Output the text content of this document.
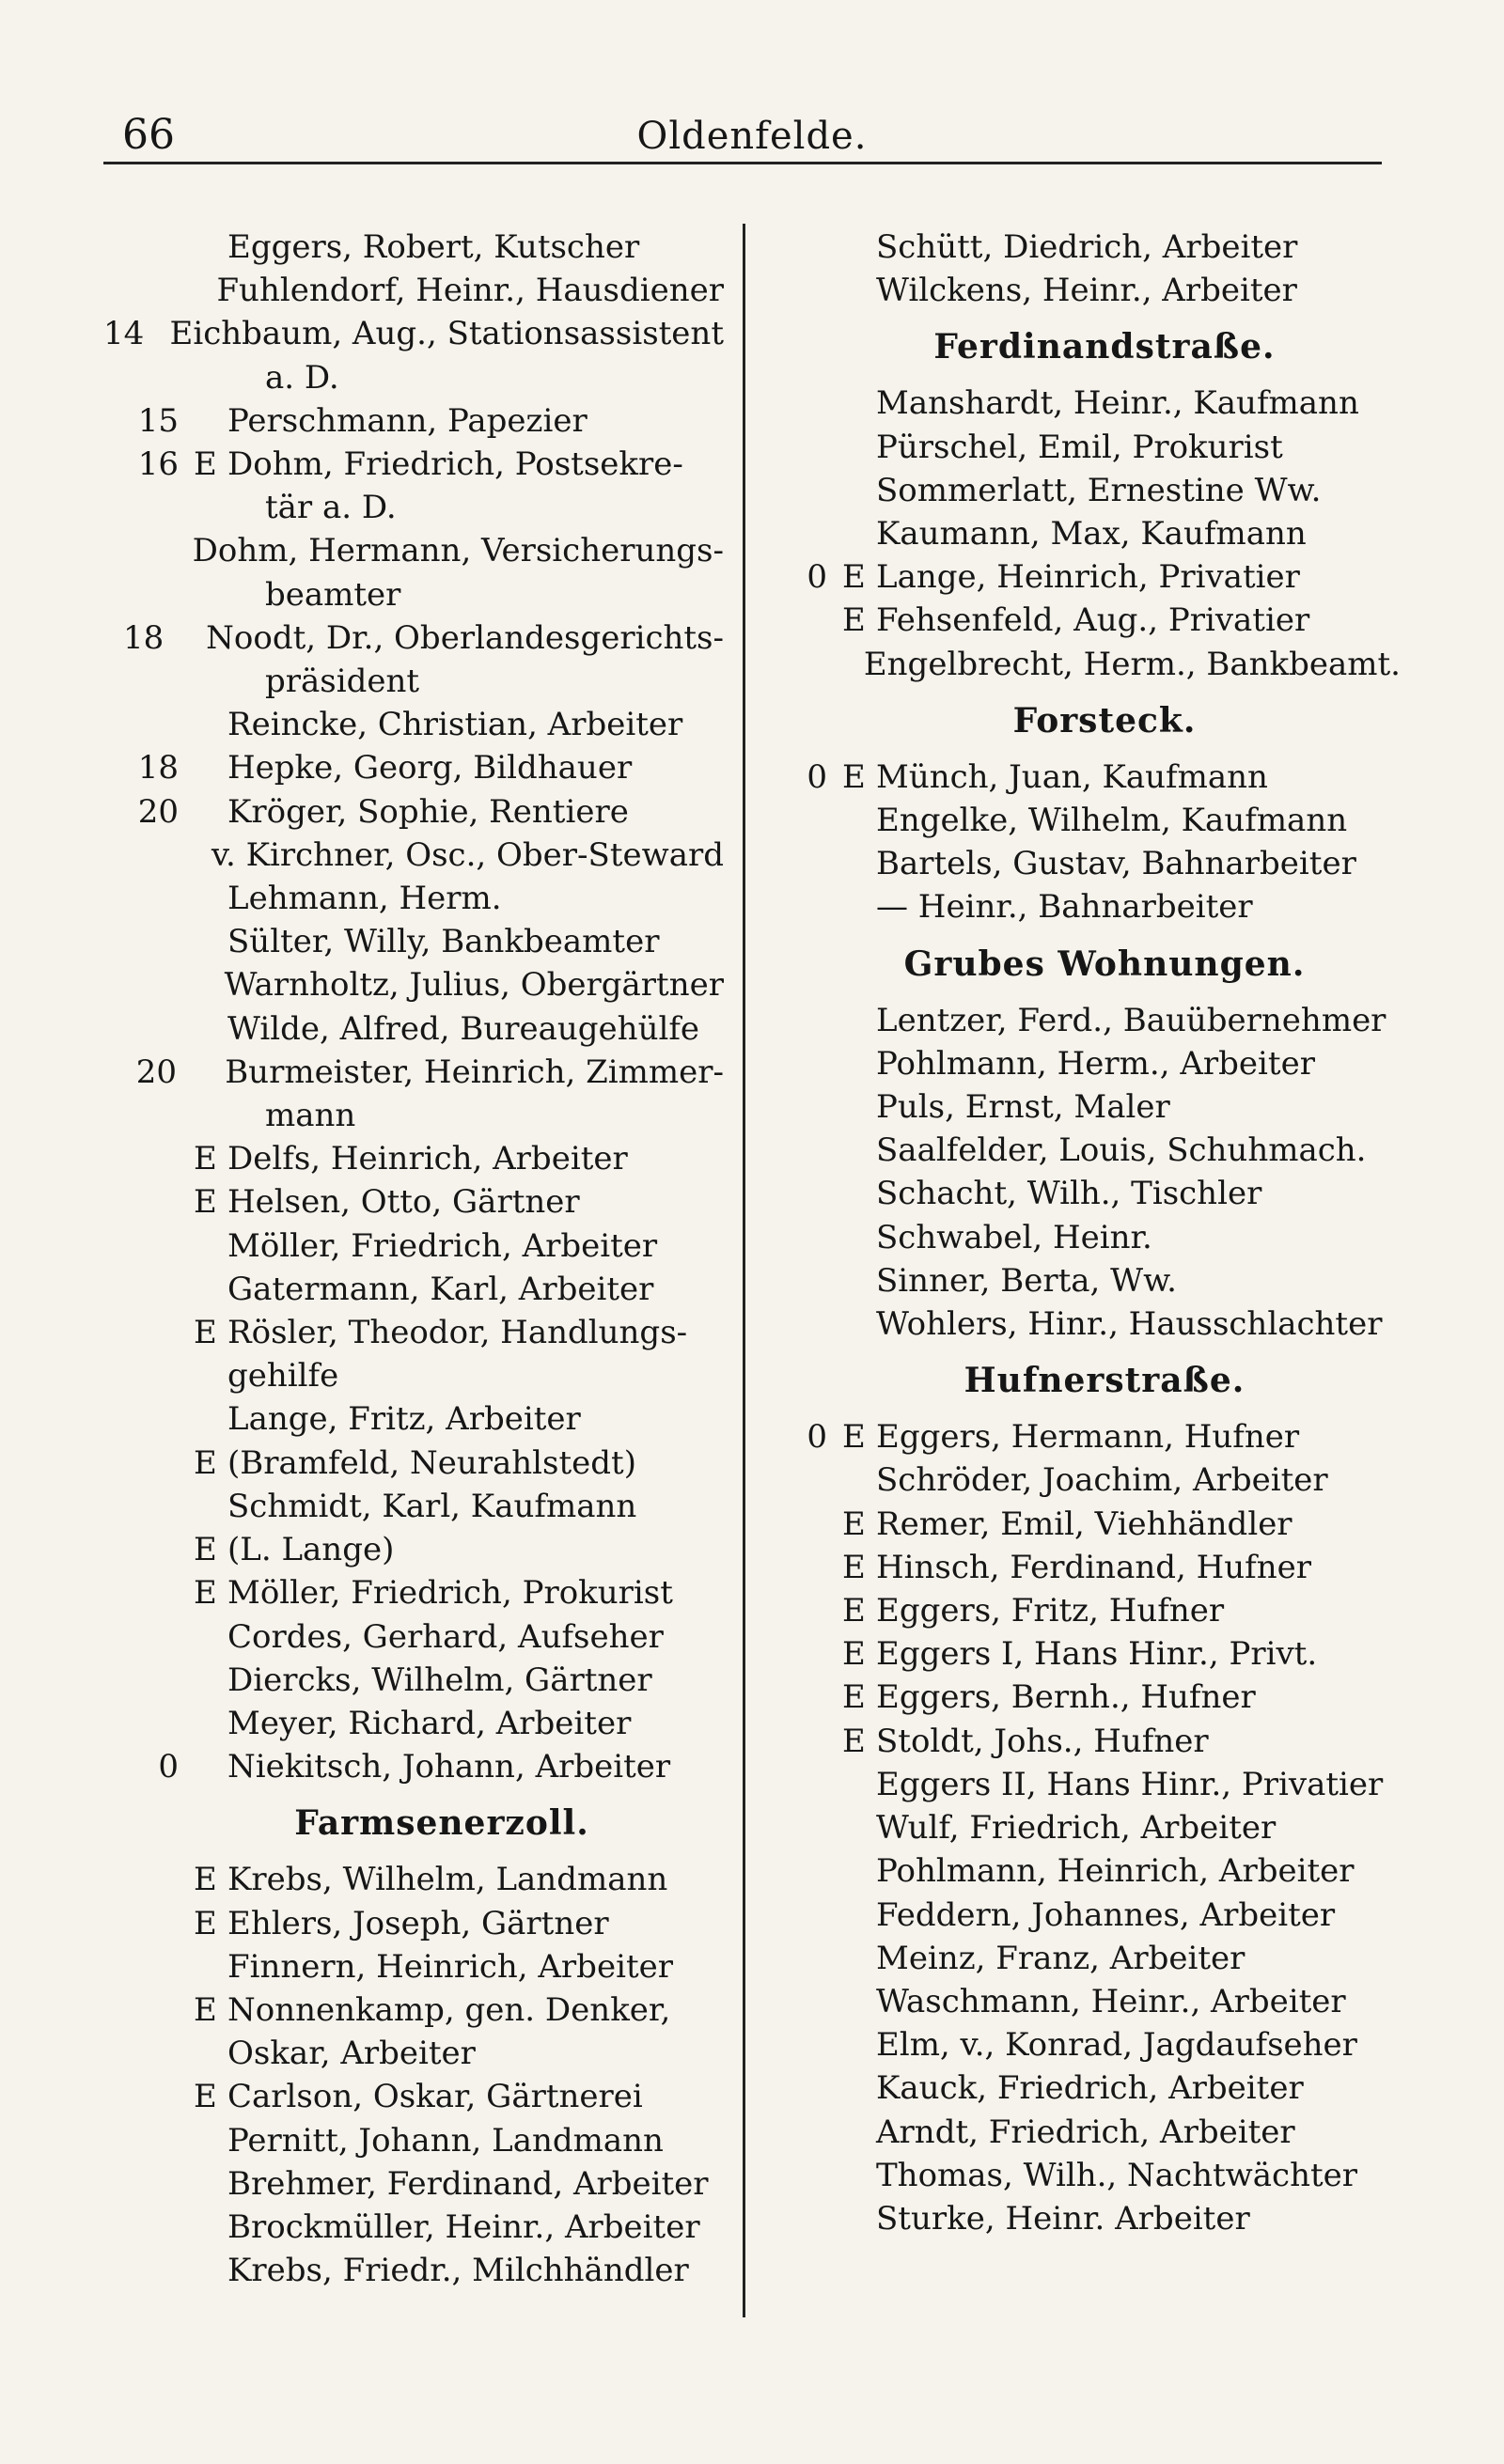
66	Oldenfelde.
Eggers, Robert, Kutscher
Fuhlendorf, Heinr., Hausdiener
14 Eichbaum, Aug., Stationsassistent
a. D.
15	Perschmann, Papezier
16 E Dohm, Friedrich, Postsekre-
tär a. D.
Dohm, Hermann, Versicherungs-
beamter
18	Noodt, Dr., Oberlandesgerichts-
präsident
Reincke, Christian, Arbeiter
18	Hepke, Georg, Bildhauer
20	Kröger, Sophie, Rentiere
v. Kirchner, Osc., Ober-Steward
Lehmann, Herm.
Sülter, Willy, Bankbeamter
Warnholtz, Julius, Obergärtner
Wilde, Alfred, Bureaugehülfe
20	Burmeister, Heinrich, Zimmer-
mann
E Delfs, Heinrich, Arbeiter
E Helsen, Otto, Gärtner
Möller, Friedrich, Arbeiter
Gatermann, Karl, Arbeiter
E Rösler, Theodor, Handlungs-
gehilfe
Lange, Fritz, Arbeiter
E (Bramfeld, Neurahlstedt)
Schmidt, Karl, Kaufmann
E (L. Lange)
E Möller, Friedrich, Prokurist
Cordes, Gerhard, Aufseher
Diercks, Wilhelm, Gärtner
Meyer, Richard, Arbeiter
0	Niekitsch, Johann, Arbeiter
Farmsenerzoll.
E Krebs, Wilhelm, Landmann
E Ehlers, Joseph, Gärtner
Finnern, Heinrich, Arbeiter
E Nonnenkamp, gen. Denker,
Oskar, Arbeiter
E Carlson, Oskar, Gärtnerei
Pernitt, Johann, Landmann
Brehmer, Ferdinand, Arbeiter
Brockmüller, Heinr., Arbeiter
Krebs, Friedr., Milchhändler
Schütt, Diedrich, Arbeiter
Wilckens, Heinr., Arbeiter
Ferdinandstraße.
Manshardt, Heinr., Kaufmann
Pürschel, Emil, Prokurist
Sommerlatt, Ernestine Ww.
Kaumann, Max, Kaufmann
0 E Lange, Heinrich, Privatier
E Fehsenfeld, Aug., Privatier
Engelbrecht, Herm., Bankbeamt.
Forsteck.
0 E Münch, Juan, Kaufmann
Engelke, Wilhelm, Kaufmann
Bartels, Gustav, Bahnarbeiter
— Heinr., Bahnarbeiter
Grubes Wohnungen.
Lentzer, Ferd., Bauübernehmer
Pohlmann, Herm., Arbeiter
Puls, Ernst, Maler
Saalfelder, Louis, Schuhmach.
Schacht, Wilh., Tischler
Schwabel, Heinr.
Sinner, Berta, Ww.
Wohlers, Hinr., Hausschlachter
Hufnerstraße.
0 E Eggers, Hermann, Hufner
Schröder, Joachim, Arbeiter
E Remer, Emil, Viehhändler
E Hinsch, Ferdinand, Hufner
E Eggers, Fritz, Hufner
E Eggers I, Hans Hinr., Privt.
E Eggers, Bernh., Hufner
E Stoldt, Johs., Hufner
Eggers II, Hans Hinr., Privatier
Wulf, Friedrich, Arbeiter
Pohlmann, Heinrich, Arbeiter
Feddern, Johannes, Arbeiter
Meinz, Franz, Arbeiter
Waschmann, Heinr., Arbeiter
Elm, v., Konrad, Jagdaufseher
Kauck, Friedrich, Arbeiter
Arndt, Friedrich, Arbeiter
Thomas, Wilh., Nachtwächter
Sturke, Heinr. Arbeiter
